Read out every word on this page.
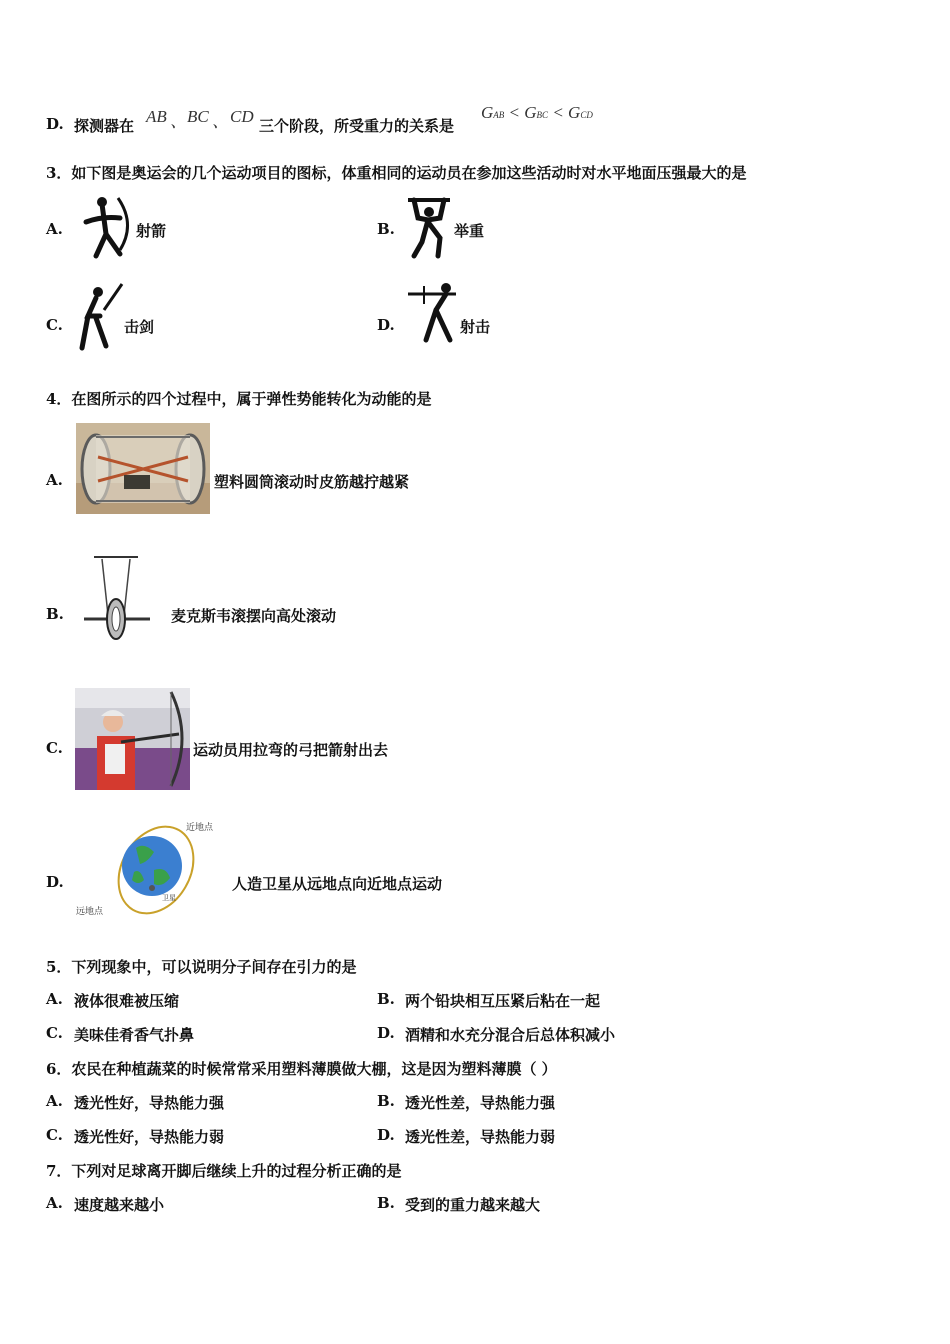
D. 探测器在 AB 、 BC 、 CD 三个阶段，所受重力的关系是
GAB < GBC < GCD
3．如下图是奥运会的几个运动项目的图标，体重相同的运动员在参加这些活动时对水平地面压强最大的是
A.	射箭	B.	举重
C.	击剑	D.	射击
4．在图所示的四个过程中，属于弹性势能转化为动能的是
A.	塑料圆筒滚动时皮筋越拧越紧
B.	麦克斯韦滚摆向高处滚动
C.	运动员用拉弯的弓把箭射出去
D.
近地点
远地点
卫星
人造卫星从远地点向近地点运动
5．下列现象中，可以说明分子间存在引力的是
A. 液体很难被压缩	B. 两个铅块相互压紧后粘在一起
C. 美味佳肴香气扑鼻	D. 酒精和水充分混合后总体积减小
6．农民在种植蔬菜的时候常常采用塑料薄膜做大棚，这是因为塑料薄膜（ ）
A. 透光性好，导热能力强	B. 透光性差，导热能力强
C. 透光性好，导热能力弱	D. 透光性差，导热能力弱
7．下列对足球离开脚后继续上升的过程分析正确的是
A. 速度越来越小	B. 受到的重力越来越大
